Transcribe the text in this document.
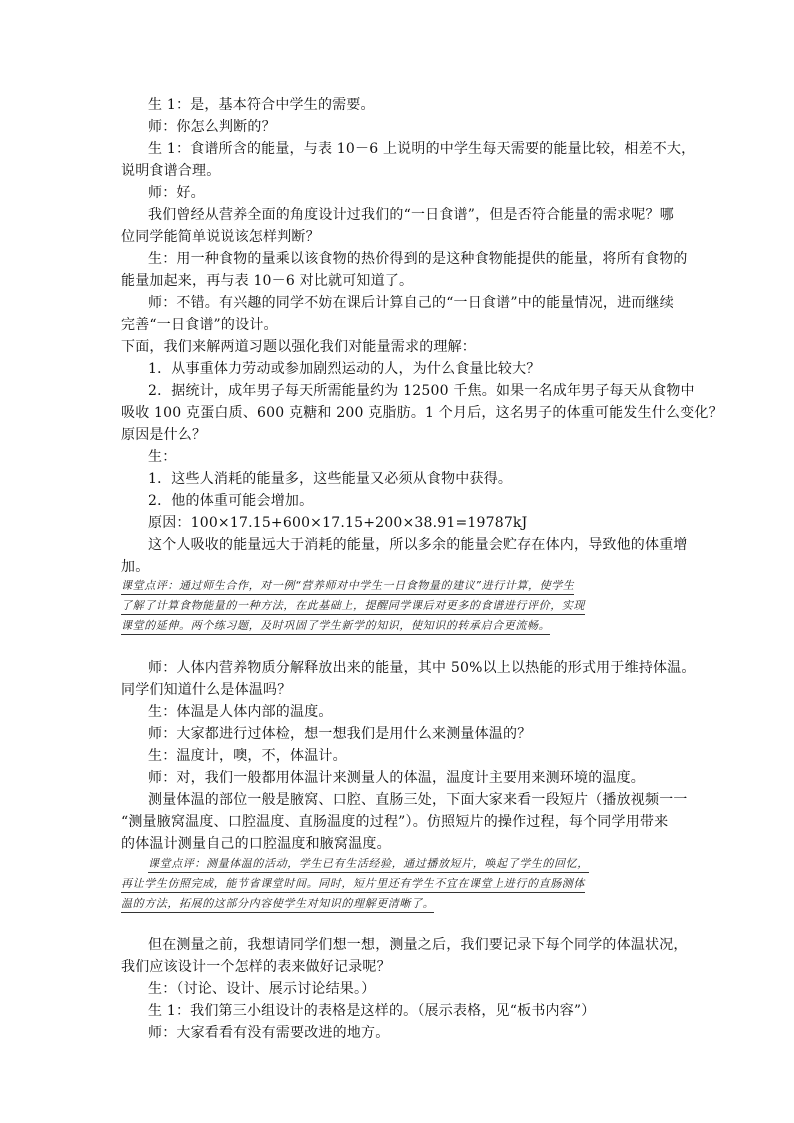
生 1：是，基本符合中学生的需要。
师：你怎么判断的？
生 1：食谱所含的能量，与表 10－6 上说明的中学生每天需要的能量比较，相差不大，
说明食谱合理。
师：好。
我们曾经从营养全面的角度设计过我们的“一日食谱”，但是否符合能量的需求呢？哪
位同学能简单说说该怎样判断？
生：用一种食物的量乘以该食物的热价得到的是这种食物能提供的能量，将所有食物的
能量加起来，再与表 10－6 对比就可知道了。
师：不错。有兴趣的同学不妨在课后计算自己的“一日食谱”中的能量情况，进而继续
完善“一日食谱”的设计。
下面，我们来解两道习题以强化我们对能量需求的理解：
1．从事重体力劳动或参加剧烈运动的人，为什么食量比较大？
2．据统计，成年男子每天所需能量约为 12500 千焦。如果一名成年男子每天从食物中
吸收 100 克蛋白质、600 克糖和 200 克脂肪。1 个月后，这名男子的体重可能发生什么变化？
原因是什么？
生：
1．这些人消耗的能量多，这些能量又必须从食物中获得。
2．他的体重可能会增加。
原因：100×17.15+600×17.15+200×38.91=19787kJ
这个人吸收的能量远大于消耗的能量，所以多余的能量会贮存在体内，导致他的体重增
加。
课堂点评：通过师生合作，对一例“营养师对中学生一日食物量的建议”进行计算，使学生
了解了计算食物能量的一种方法，在此基础上，提醒同学课后对更多的食谱进行评价，实现
课堂的延伸。两个练习题，及时巩固了学生新学的知识，使知识的转承启合更流畅。
师：人体内营养物质分解释放出来的能量，其中 50%以上以热能的形式用于维持体温。
同学们知道什么是体温吗？
生：体温是人体内部的温度。
师：大家都进行过体检，想一想我们是用什么来测量体温的？
生：温度计，噢，不，体温计。
师：对，我们一般都用体温计来测量人的体温，温度计主要用来测环境的温度。
测量体温的部位一般是腋窝、口腔、直肠三处，下面大家来看一段短片（播放视频一一
“测量腋窝温度、口腔温度、直肠温度的过程”）。仿照短片的操作过程，每个同学用带来
的体温计测量自己的口腔温度和腋窝温度。
课堂点评：测量体温的活动，学生已有生活经验，通过播放短片，唤起了学生的回忆，
再让学生仿照完成，能节省课堂时间。同时，短片里还有学生不宜在课堂上进行的直肠测体
温的方法，拓展的这部分内容使学生对知识的理解更清晰了。
但在测量之前，我想请同学们想一想，测量之后，我们要记录下每个同学的体温状况，
我们应该设计一个怎样的表来做好记录呢？
生：（讨论、设计、展示讨论结果。）
生 1：我们第三小组设计的表格是这样的。（展示表格，见“板书内容”）
师：大家看看有没有需要改进的地方。
